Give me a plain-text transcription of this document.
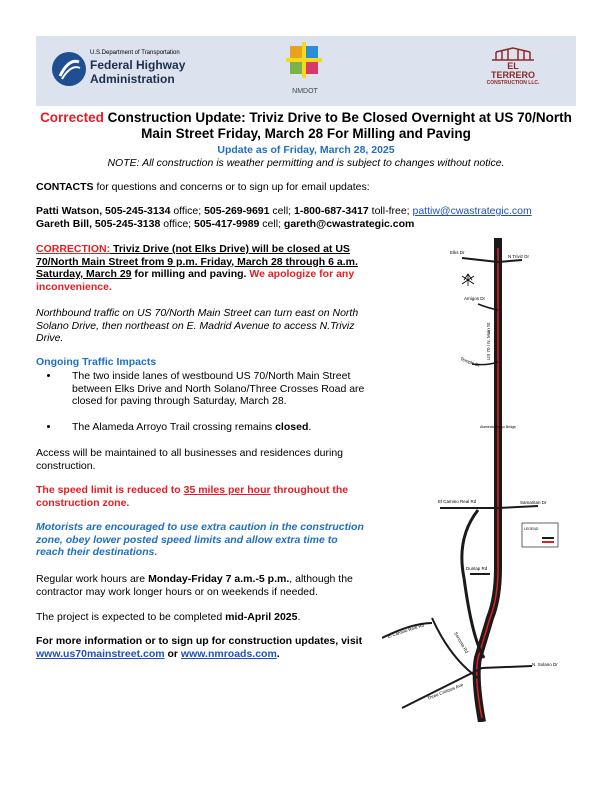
U.S.Department of Transportation
Federal Highway
Administration
NMDOT
EL
TERRERO
CONSTRUCTION LLC.
Corrected Construction Update: Triviz Drive to Be Closed Overnight at US 70/North Main Street Friday, March 28 For Milling and Paving
Update as of Friday, March 28, 2025
NOTE: All construction is weather permitting and is subject to changes without notice.
CONTACTS for questions and concerns or to sign up for email updates:
Patti Watson, 505-245-3134 office; 505-269-9691 cell; 1-800-687-3417 toll-free; pattiw@cwastrategic.com
Gareth Bill, 505-245-3138 office; 505-417-9989 cell; gareth@cwastrategic.com
CORRECTION: Triviz Drive (not Elks Drive) will be closed at US 70/North Main Street from 9 p.m. Friday, March 28 through 6 a.m. Saturday, March 29 for milling and paving. We apologize for any inconvenience.
Northbound traffic on US 70/North Main Street can turn east on North Solano Drive, then northeast on E. Madrid Avenue to access N.Triviz Drive.
Ongoing Traffic Impacts
• The two inside lanes of westbound US 70/North Main Street between Elks Drive and North Solano/Three Crosses Road are closed for paving through Saturday, March 28.
• The Alameda Arroyo Trail crossing remains closed.
Access will be maintained to all businesses and residences during construction.
The speed limit is reduced to 35 miles per hour throughout the construction zone.
Motorists are encouraged to use extra caution in the construction zone, obey lower posted speed limits and allow extra time to reach their destinations.
Regular work hours are Monday-Friday 7 a.m.-5 p.m., although the contractor may work longer hours or on weekends if needed.
The project is expected to be completed mid-April 2025.
For more information or to sign up for construction updates, visit www.us70mainstreet.com or www.nmroads.com.
Elks Dr
N Triviz Dr
Amigos Dr
US 70 / N. Main St
Temple Dr
Alameda Arroyo Bridge
El Camino Real Rd	Samaritan Dr
LEGEND
Dunlap Rd
El Camino Real Rd
Sonoma Rd
N. Solano Dr
Three Crosses Ave
